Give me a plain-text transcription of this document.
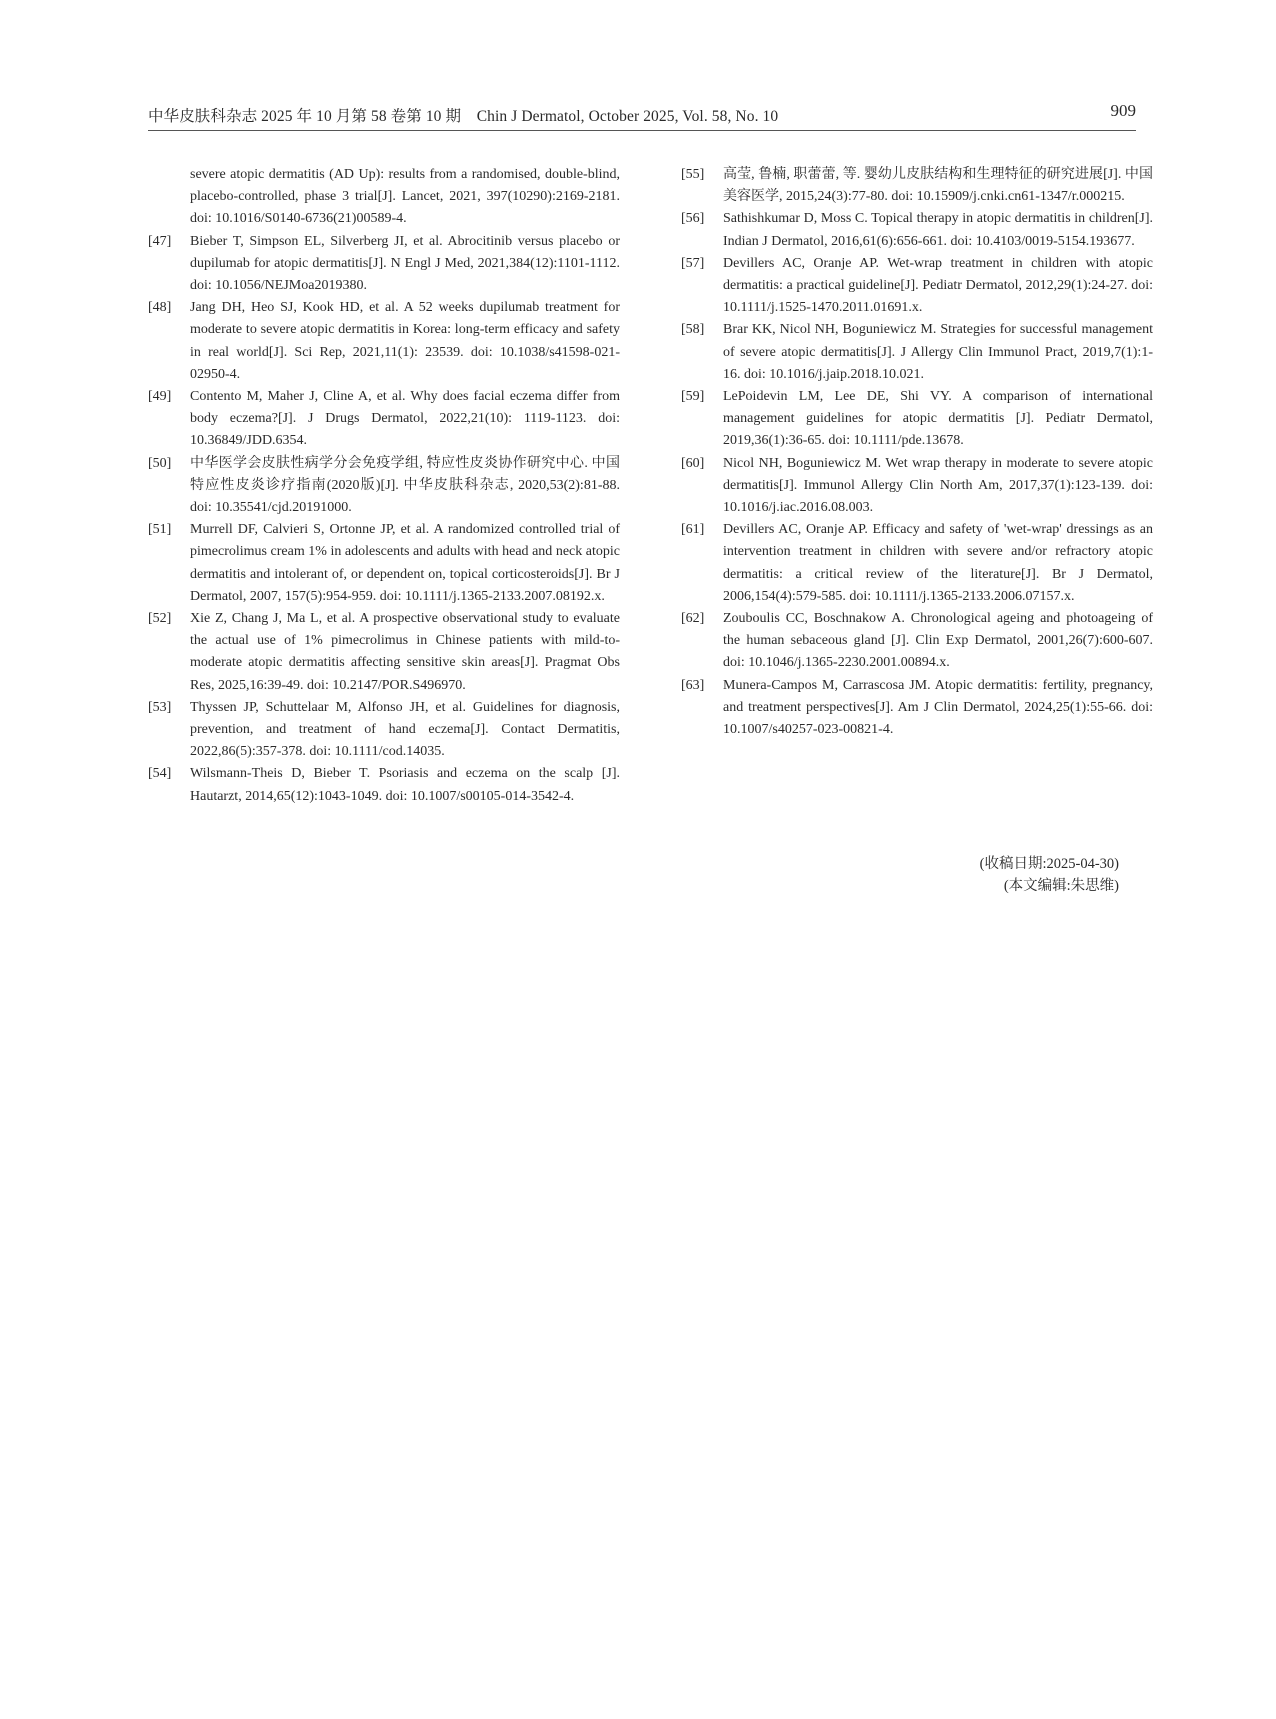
中华皮肤科杂志 2025 年 10 月第 58 卷第 10 期　Chin J Dermatol, October 2025, Vol. 58, No. 10	909
severe atopic dermatitis (AD Up): results from a randomised, double-blind, placebo-controlled, phase 3 trial[J]. Lancet, 2021, 397(10290):2169-2181. doi: 10.1016/S0140-6736(21)00589-4.
[47] Bieber T, Simpson EL, Silverberg JI, et al. Abrocitinib versus placebo or dupilumab for atopic dermatitis[J]. N Engl J Med, 2021,384(12):1101-1112. doi: 10.1056/NEJMoa2019380.
[48] Jang DH, Heo SJ, Kook HD, et al. A 52 weeks dupilumab treatment for moderate to severe atopic dermatitis in Korea: long-term efficacy and safety in real world[J]. Sci Rep, 2021,11(1): 23539. doi: 10.1038/s41598-021-02950-4.
[49] Contento M, Maher J, Cline A, et al. Why does facial eczema differ from body eczema?[J]. J Drugs Dermatol, 2022,21(10): 1119-1123. doi: 10.36849/JDD.6354.
[50] 中华医学会皮肤性病学分会免疫学组, 特应性皮炎协作研究中心. 中国特应性皮炎诊疗指南(2020版)[J]. 中华皮肤科杂志, 2020,53(2):81-88. doi: 10.35541/cjd.20191000.
[51] Murrell DF, Calvieri S, Ortonne JP, et al. A randomized controlled trial of pimecrolimus cream 1% in adolescents and adults with head and neck atopic dermatitis and intolerant of, or dependent on, topical corticosteroids[J]. Br J Dermatol, 2007, 157(5):954-959. doi: 10.1111/j.1365-2133.2007.08192.x.
[52] Xie Z, Chang J, Ma L, et al. A prospective observational study to evaluate the actual use of 1% pimecrolimus in Chinese patients with mild-to-moderate atopic dermatitis affecting sensitive skin areas[J]. Pragmat Obs Res, 2025,16:39-49. doi: 10.2147/POR.S496970.
[53] Thyssen JP, Schuttelaar M, Alfonso JH, et al. Guidelines for diagnosis, prevention, and treatment of hand eczema[J]. Contact Dermatitis, 2022,86(5):357-378. doi: 10.1111/cod.14035.
[54] Wilsmann-Theis D, Bieber T. Psoriasis and eczema on the scalp [J]. Hautarzt, 2014,65(12):1043-1049. doi: 10.1007/s00105-014-3542-4.
[55] 高莹, 鲁楠, 职蕾蕾, 等. 婴幼儿皮肤结构和生理特征的研究进展[J]. 中国美容医学, 2015,24(3):77-80. doi: 10.15909/j.cnki.cn61-1347/r.000215.
[56] Sathishkumar D, Moss C. Topical therapy in atopic dermatitis in children[J]. Indian J Dermatol, 2016,61(6):656-661. doi: 10.4103/0019-5154.193677.
[57] Devillers AC, Oranje AP. Wet-wrap treatment in children with atopic dermatitis: a practical guideline[J]. Pediatr Dermatol, 2012,29(1):24-27. doi: 10.1111/j.1525-1470.2011.01691.x.
[58] Brar KK, Nicol NH, Boguniewicz M. Strategies for successful management of severe atopic dermatitis[J]. J Allergy Clin Immunol Pract, 2019,7(1):1-16. doi: 10.1016/j.jaip.2018.10.021.
[59] LePoidevin LM, Lee DE, Shi VY. A comparison of international management guidelines for atopic dermatitis [J]. Pediatr Dermatol, 2019,36(1):36-65. doi: 10.1111/pde.13678.
[60] Nicol NH, Boguniewicz M. Wet wrap therapy in moderate to severe atopic dermatitis[J]. Immunol Allergy Clin North Am, 2017,37(1):123-139. doi: 10.1016/j.iac.2016.08.003.
[61] Devillers AC, Oranje AP. Efficacy and safety of 'wet-wrap' dressings as an intervention treatment in children with severe and/or refractory atopic dermatitis: a critical review of the literature[J]. Br J Dermatol, 2006,154(4):579-585. doi: 10.1111/j.1365-2133.2006.07157.x.
[62] Zouboulis CC, Boschnakow A. Chronological ageing and photoageing of the human sebaceous gland [J]. Clin Exp Dermatol, 2001,26(7):600-607. doi: 10.1046/j.1365-2230.2001.00894.x.
[63] Munera-Campos M, Carrascosa JM. Atopic dermatitis: fertility, pregnancy, and treatment perspectives[J]. Am J Clin Dermatol, 2024,25(1):55-66. doi: 10.1007/s40257-023-00821-4.
(收稿日期:2025-04-30)
(本文编辑:朱思维)
